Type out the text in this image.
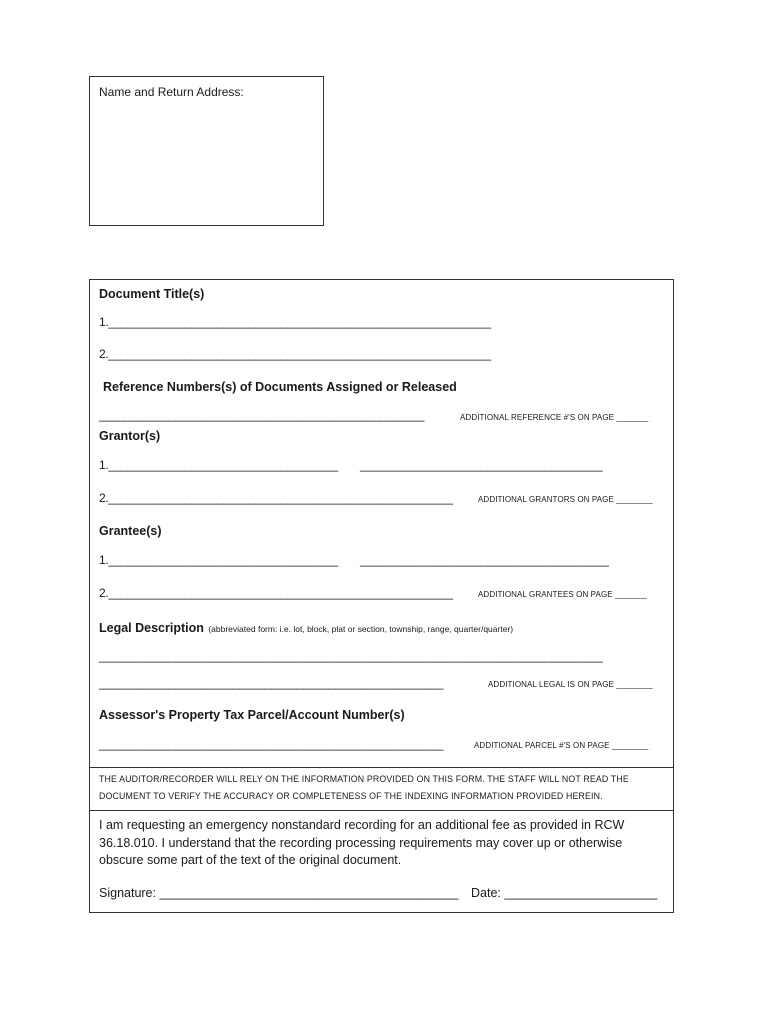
Name and Return Address:
Document Title(s)
1.____________________________________________________________
2.____________________________________________________________
Reference Numbers(s) of Documents Assigned or Released
___________________________________________________	ADDITIONAL REFERENCE #'S ON PAGE _______
Grantor(s)
1.____________________________________ ______________________________________
2.______________________________________________________	ADDITIONAL GRANTORS ON PAGE ________
Grantee(s)
1.____________________________________ _______________________________________
2.______________________________________________________	ADDITIONAL GRANTEES ON PAGE _______
Legal Description (abbreviated form: i.e. lot, block, plat or section, township, range, quarter/quarter)
_______________________________________________________________________________
______________________________________________________	ADDITIONAL LEGAL IS ON PAGE ________
Assessor's Property Tax Parcel/Account Number(s)
______________________________________________________	ADDITIONAL PARCEL #'S ON PAGE ________
THE AUDITOR/RECORDER WILL RELY ON THE INFORMATION PROVIDED ON THIS FORM. THE STAFF WILL NOT READ THE
DOCUMENT TO VERIFY THE ACCURACY OR COMPLETENESS OF THE INDEXING INFORMATION PROVIDED HEREIN.
I am requesting an emergency nonstandard recording for an additional fee as provided in RCW 36.18.010. I understand that the recording processing requirements may cover up or otherwise obscure some part of the text of the original document.
Signature: ___________________________________________ Date: ______________________
